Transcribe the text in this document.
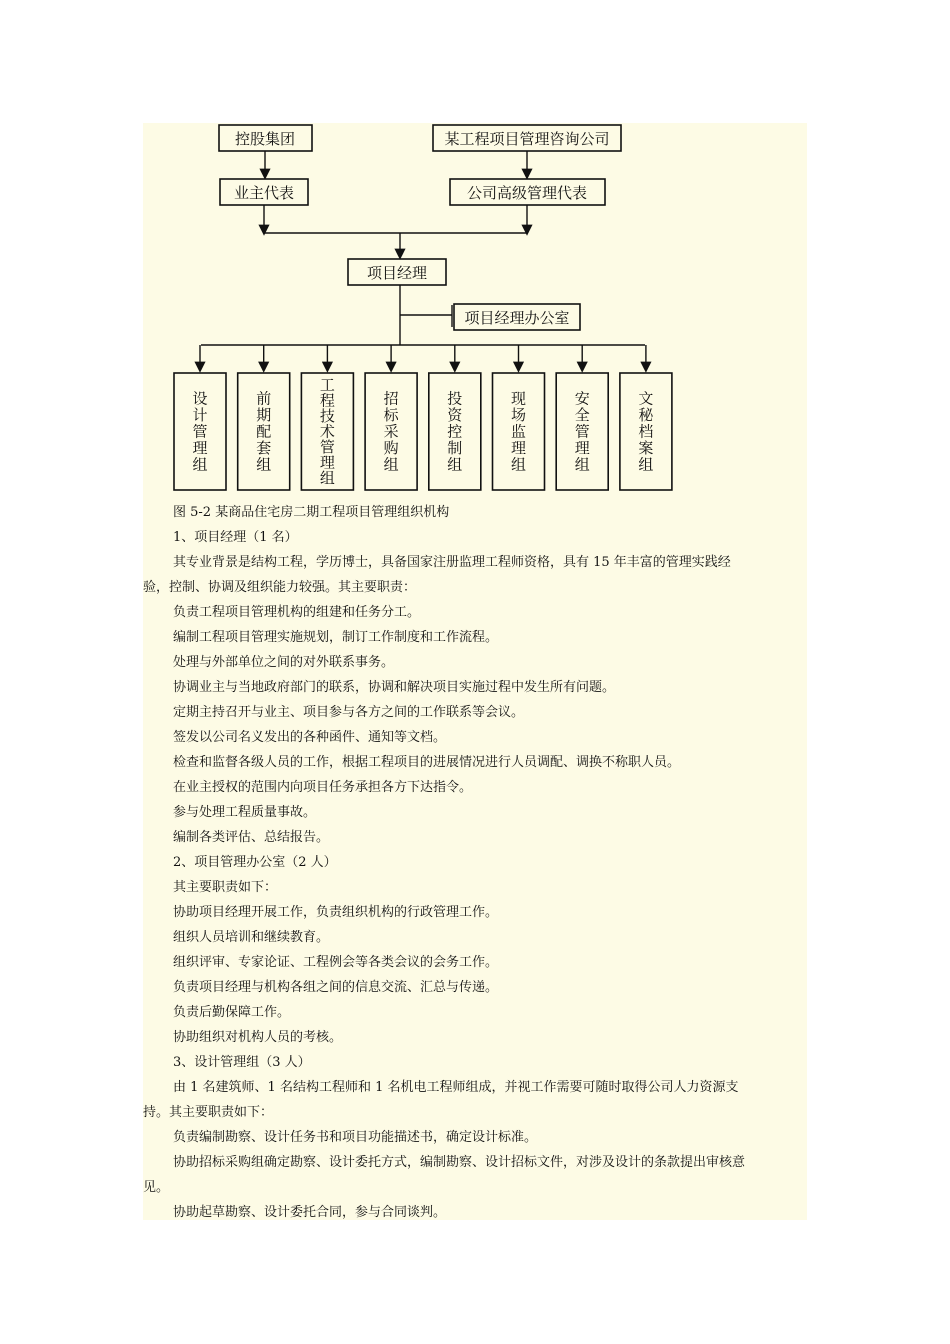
控股集团	某工程项目管理咨询公司
业主代表	公司高级管理代表
项目经理
项目经理办公室
设
计
管
理
组
前
期
配
套
组
工
程
技
术
管
理
组
招
标
采
购
组
投
资
控
制
组
现
场
监
理
组
安
全
管
理
组
文
秘
档
案
组
图 5-2 某商品住宅房二期工程项目管理组织机构
1、项目经理（1 名）
其专业背景是结构工程，学历博士，具备国家注册监理工程师资格，具有 15 年丰富的管理实践经
验，控制、协调及组织能力较强。其主要职责：
负责工程项目管理机构的组建和任务分工。
编制工程项目管理实施规划，制订工作制度和工作流程。
处理与外部单位之间的对外联系事务。
协调业主与当地政府部门的联系，协调和解决项目实施过程中发生所有问题。
定期主持召开与业主、项目参与各方之间的工作联系等会议。
签发以公司名义发出的各种函件、通知等文档。
检查和监督各级人员的工作，根据工程项目的进展情况进行人员调配、调换不称职人员。
在业主授权的范围内向项目任务承担各方下达指令。
参与处理工程质量事故。
编制各类评估、总结报告。
2、项目管理办公室（2 人）
其主要职责如下：
协助项目经理开展工作，负责组织机构的行政管理工作。
组织人员培训和继续教育。
组织评审、专家论证、工程例会等各类会议的会务工作。
负责项目经理与机构各组之间的信息交流、汇总与传递。
负责后勤保障工作。
协助组织对机构人员的考核。
3、设计管理组（3 人）
由 1 名建筑师、1 名结构工程师和 1 名机电工程师组成，并视工作需要可随时取得公司人力资源支
持。其主要职责如下：
负责编制勘察、设计任务书和项目功能描述书，确定设计标准。
协助招标采购组确定勘察、设计委托方式，编制勘察、设计招标文件，对涉及设计的条款提出审核意
见。
协助起草勘察、设计委托合同，参与合同谈判。
